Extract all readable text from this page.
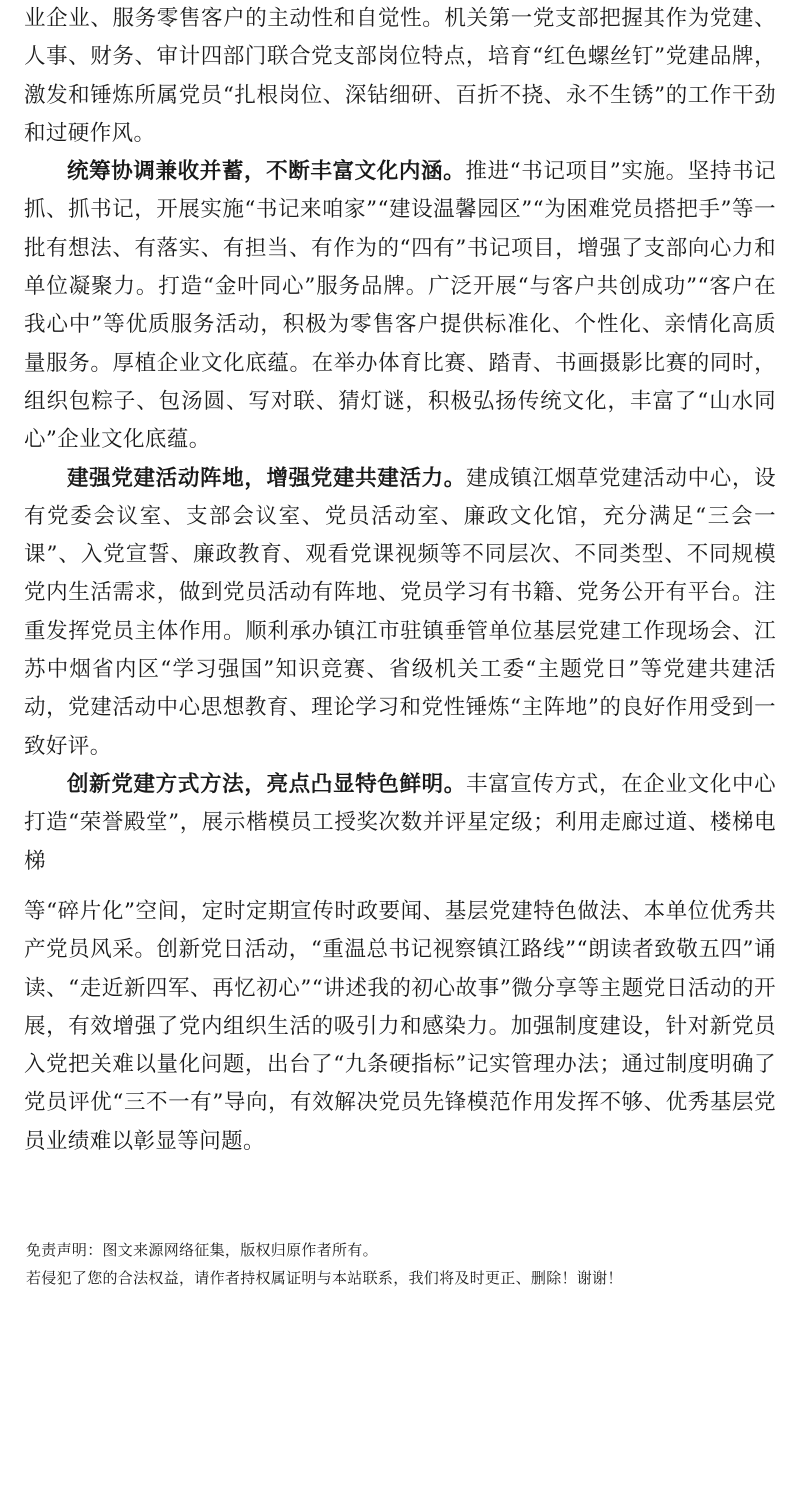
业企业、服务零售客户的主动性和自觉性。机关第一党支部把握其作为党建、人事、财务、审计四部门联合党支部岗位特点，培育“红色螺丝钉”党建品牌，激发和锤炼所属党员“扎根岗位、深钻细研、百折不挠、永不生锈”的工作干劲和过硬作风。

统筹协调兼收并蓄，不断丰富文化内涵。推进“书记项目”实施。坚持书记抓、抓书记，开展实施“书记来咱家”“建设温馨园区”“为困难党员搭把手”等一批有想法、有落实、有担当、有作为的“四有”书记项目，增强了支部向心力和单位凝聚力。打造“金叶同心”服务品牌。广泛开展“与客户共创成功”“客户在我心中”等优质服务活动，积极为零售客户提供标准化、个性化、亲情化高质量服务。厚植企业文化底蕴。在举办体育比赛、踏青、书画摄影比赛的同时，组织包粽子、包汤圆、写对联、猜灯谜，积极弘扬传统文化，丰富了“山水同心”企业文化底蕴。

建强党建活动阵地，增强党建共建活力。建成镇江烟草党建活动中心，设有党委会议室、支部会议室、党员活动室、廉政文化馆，充分满足“三会一课”、入党宣誓、廉政教育、观看党课视频等不同层次、不同类型、不同规模党内生活需求，做到党员活动有阵地、党员学习有书籍、党务公开有平台。注重发挥党员主体作用。顺利承办镇江市驻镇垂管单位基层党建工作现场会、江苏中烟省内区“学习强国”知识竞赛、省级机关工委“主题党日”等党建共建活动，党建活动中心思想教育、理论学习和党性锤炼“主阵地”的良好作用受到一致好评。

创新党建方式方法，亮点凸显特色鲜明。丰富宣传方式，在企业文化中心打造“荣誉殿堂”，展示楷模员工授奖次数并评星定级；利用走廊过道、楼梯电梯

等“碎片化”空间，定时定期宣传时政要闻、基层党建特色做法、本单位优秀共产党员风采。创新党日活动，“重温总书记视察镇江路线”“朗读者致敬五四”诵读、“走近新四军、再忆初心”“讲述我的初心故事”微分享等主题党日活动的开展，有效增强了党内组织生活的吸引力和感染力。加强制度建设，针对新党员入党把关难以量化问题，出台了“九条硬指标”记实管理办法；通过制度明确了党员评优“三不一有”导向，有效解决党员先锋模范作用发挥不够、优秀基层党员业绩难以彰显等问题。

免责声明：图文来源网络征集，版权归原作者所有。

若侵犯了您的合法权益，请作者持权属证明与本站联系，我们将及时更正、删除！谢谢！
